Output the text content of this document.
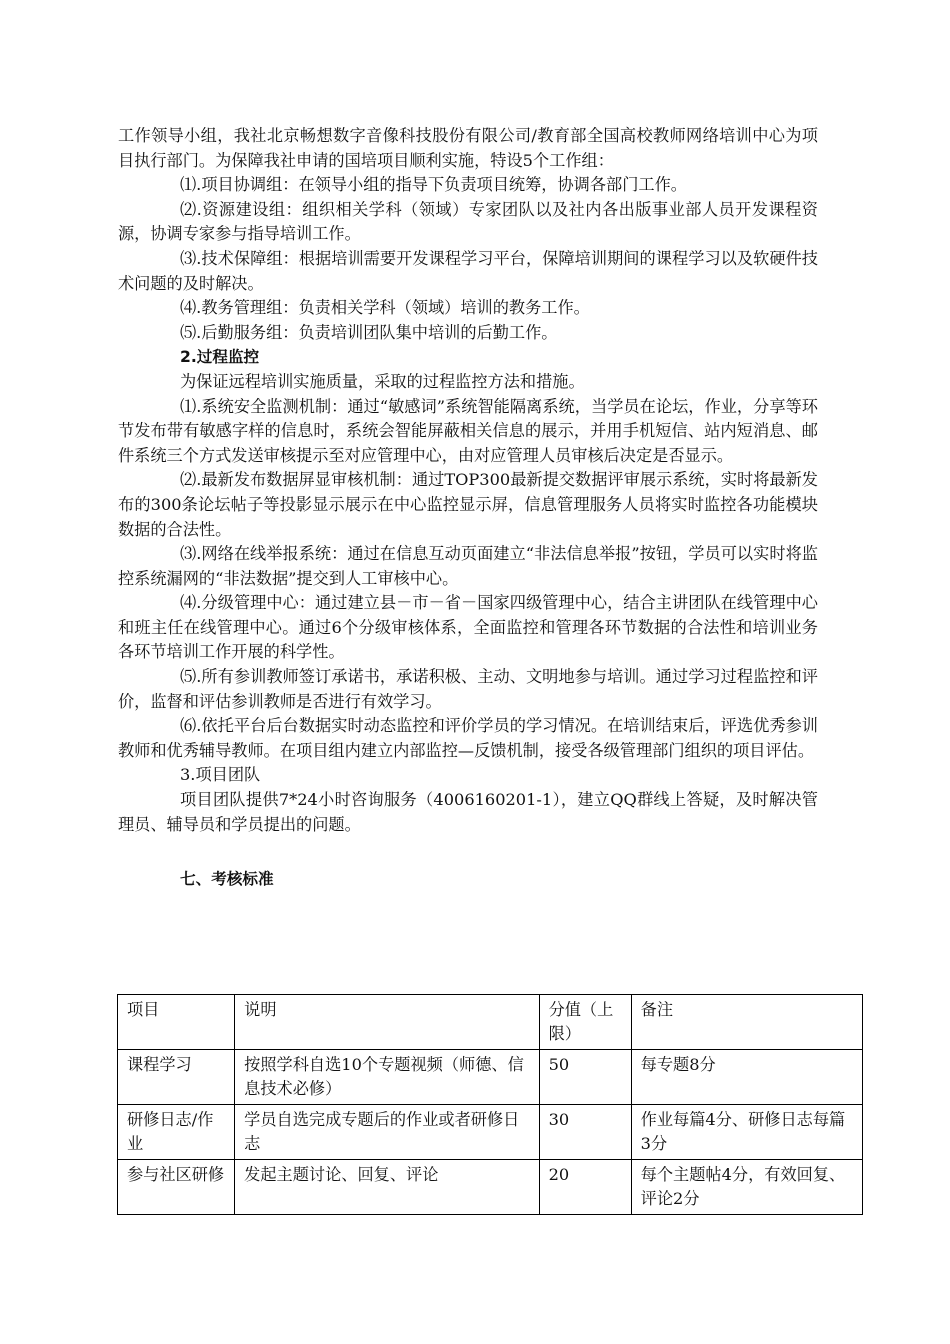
工作领导小组，我社北京畅想数字音像科技股份有限公司/教育部全国高校教师网络培训中心为项目执行部门。为保障我社申请的国培项目顺利实施，特设5个工作组：

⑴.项目协调组：在领导小组的指导下负责项目统筹，协调各部门工作。

⑵.资源建设组：组织相关学科（领域）专家团队以及社内各出版事业部人员开发课程资源，协调专家参与指导培训工作。

⑶.技术保障组：根据培训需要开发课程学习平台，保障培训期间的课程学习以及软硬件技术问题的及时解决。

⑷.教务管理组：负责相关学科（领域）培训的教务工作。

⑸.后勤服务组：负责培训团队集中培训的后勤工作。

2.过程监控

为保证远程培训实施质量，采取的过程监控方法和措施。

⑴.系统安全监测机制：通过“敏感词”系统智能隔离系统，当学员在论坛，作业，分享等环节发布带有敏感字样的信息时，系统会智能屏蔽相关信息的展示，并用手机短信、站内短消息、邮件系统三个方式发送审核提示至对应管理中心，由对应管理人员审核后决定是否显示。

⑵.最新发布数据屏显审核机制：通过TOP300最新提交数据评审展示系统，实时将最新发布的300条论坛帖子等投影显示展示在中心监控显示屏，信息管理服务人员将实时监控各功能模块数据的合法性。

⑶.网络在线举报系统：通过在信息互动页面建立“非法信息举报”按钮，学员可以实时将监控系统漏网的“非法数据”提交到人工审核中心。

⑷.分级管理中心：通过建立县－市－省－国家四级管理中心，结合主讲团队在线管理中心和班主任在线管理中心。通过6个分级审核体系，全面监控和管理各环节数据的合法性和培训业务各环节培训工作开展的科学性。

⑸.所有参训教师签订承诺书，承诺积极、主动、文明地参与培训。通过学习过程监控和评价，监督和评估参训教师是否进行有效学习。

⑹.依托平台后台数据实时动态监控和评价学员的学习情况。在培训结束后，评选优秀参训教师和优秀辅导教师。在项目组内建立内部监控—反馈机制，接受各级管理部门组织的项目评估。

3.项目团队

项目团队提供7*24小时咨询服务（4006160201-1），建立QQ群线上答疑，及时解决管理员、辅导员和学员提出的问题。

七、考核标准

项目	说明	分值（上限）	备注
课程学习	按照学科自选10个专题视频（师德、信息技术必修）	50	每专题8分
研修日志/作业	学员自选完成专题后的作业或者研修日志	30	作业每篇4分、研修日志每篇3分
参与社区研修	发起主题讨论、回复、评论	20	每个主题帖4分，有效回复、评论2分
